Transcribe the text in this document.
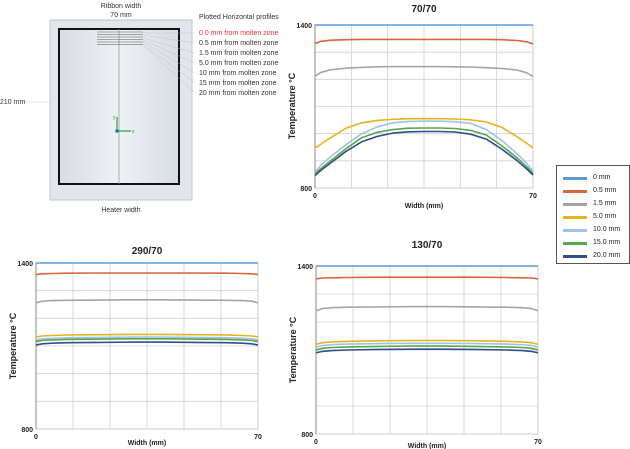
y
x
Ribbon width
70 mm
210 mm
Heater width
Plotted Horizontal profiles
0.0 mm from molten zone
0.5 mm from molten zone
1.5 mm from molten zone
5.0 mm from molten zone
10 mm from molten zone
15 mm from molten zone
20 mm from molten zone
1400
800
0	70
70/70
Width (mm)
Temperature °C
1400
800
0	70
290/70
Width (mm)
Temperature °C
1400
800
0	70
130/70
Width (mm)
Temperature °C
0 mm
0.5 mm
1.5 mm
5.0 mm
10.0 mm
15.0 mm
20.0 mm
